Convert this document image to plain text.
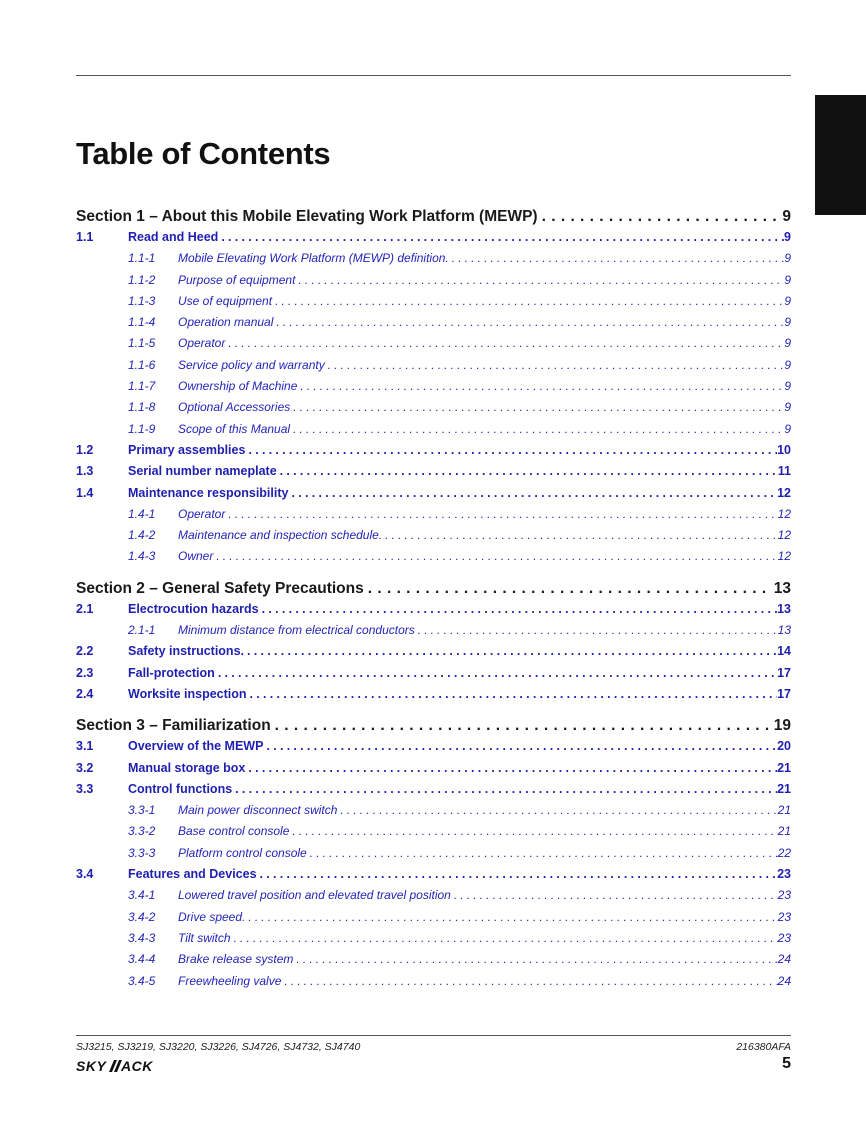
Table of Contents
Section 1 – About this Mobile Elevating Work Platform (MEWP) . . .	9
1.1	Read and Heed . . .	9
1.1-1	Mobile Elevating Work Platform (MEWP) definition. . . .	9
1.1-2	Purpose of equipment . . .	9
1.1-3	Use of equipment . . .	9
1.1-4	Operation manual . . .	9
1.1-5	Operator . . .	9
1.1-6	Service policy and warranty . . .	9
1.1-7	Ownership of Machine . . .	9
1.1-8	Optional Accessories . . .	9
1.1-9	Scope of this Manual . . .	9
1.2	Primary assemblies . . .	10
1.3	Serial number nameplate . . .	11
1.4	Maintenance responsibility . . .	12
1.4-1	Operator . . .	12
1.4-2	Maintenance and inspection schedule. . . .	12
1.4-3	Owner . . .	12
Section 2 – General Safety Precautions . . .	13
2.1	Electrocution hazards . . .	13
2.1-1	Minimum distance from electrical conductors . . .	13
2.2	Safety instructions. . . .	14
2.3	Fall-protection . . .	17
2.4	Worksite inspection . . .	17
Section 3 – Familiarization . . .	19
3.1	Overview of the MEWP . . .	20
3.2	Manual storage box . . .	21
3.3	Control functions . . .	21
3.3-1	Main power disconnect switch . . .	21
3.3-2	Base control console . . .	21
3.3-3	Platform control console . . .	22
3.4	Features and Devices . . .	23
3.4-1	Lowered travel position and elevated travel position . . .	23
3.4-2	Drive speed. . . .	23
3.4-3	Tilt switch . . .	23
3.4-4	Brake release system . . .	24
3.4-5	Freewheeling valve . . .	24
SJ3215, SJ3219, SJ3220, SJ3226, SJ4726, SJ4732, SJ4740	216380AFA
SKY ACK	5
